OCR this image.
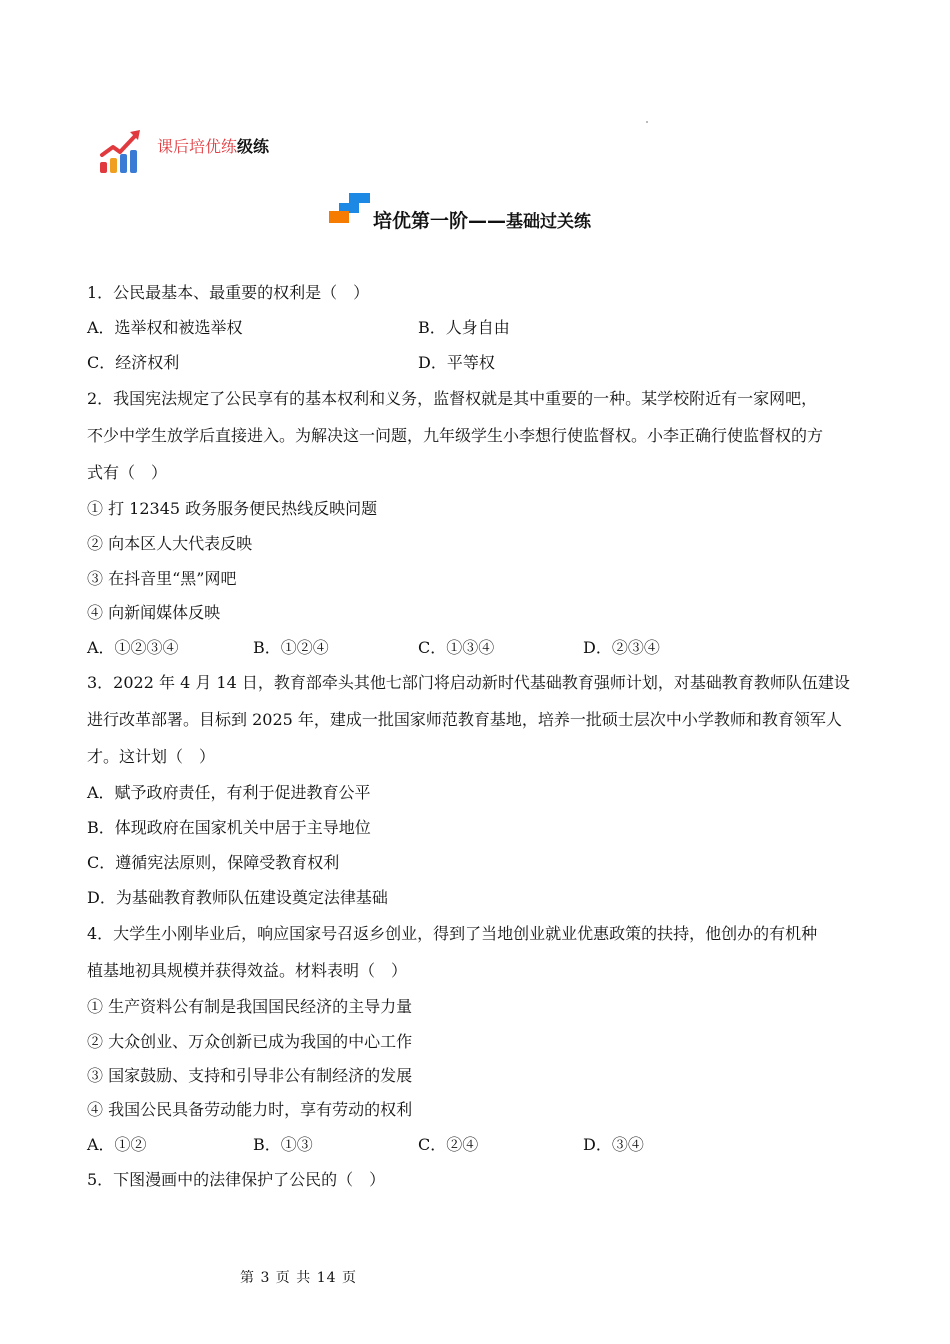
课后培优练级练
培优第一阶——基础过关练
1．公民最基本、最重要的权利是（　）
A．选举权和被选举权	B．人身自由
C．经济权利	D．平等权
2．我国宪法规定了公民享有的基本权利和义务，监督权就是其中重要的一种。某学校附近有一家网吧，
不少中学生放学后直接进入。为解决这一问题，九年级学生小李想行使监督权。小李正确行使监督权的方
式有（　）
① 打 12345 政务服务便民热线反映问题
② 向本区人大代表反映
③ 在抖音里“黑”网吧
④ 向新闻媒体反映
A．①②③④	B．①②④	C．①③④	D．②③④
3．2022 年 4 月 14 日，教育部牵头其他七部门将启动新时代基础教育强师计划，对基础教育教师队伍建设
进行改革部署。目标到 2025 年，建成一批国家师范教育基地，培养一批硕士层次中小学教师和教育领军人
才。这计划（　）
A．赋予政府责任，有利于促进教育公平
B．体现政府在国家机关中居于主导地位
C．遵循宪法原则，保障受教育权利
D．为基础教育教师队伍建设奠定法律基础
4．大学生小刚毕业后，响应国家号召返乡创业，得到了当地创业就业优惠政策的扶持，他创办的有机种
植基地初具规模并获得效益。材料表明（　）
① 生产资料公有制是我国国民经济的主导力量
② 大众创业、万众创新已成为我国的中心工作
③ 国家鼓励、支持和引导非公有制经济的发展
④ 我国公民具备劳动能力时，享有劳动的权利
A．①②	B．①③	C．②④	D．③④
5．下图漫画中的法律保护了公民的（　）
第 3 页 共 14 页
